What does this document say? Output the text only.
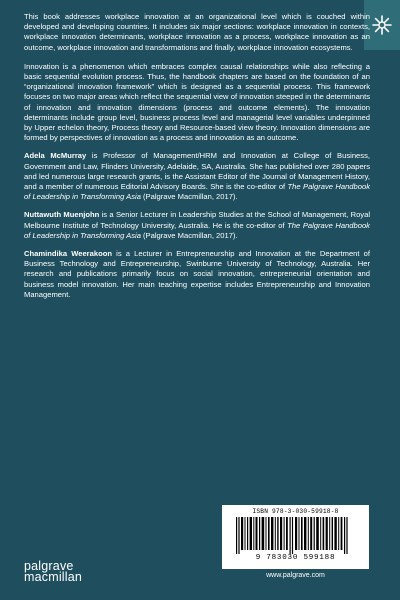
This book addresses workplace innovation at an organizational level which is couched within developed and developing countries. It includes six major sections: workplace innovation in contexts, workplace innovation determinants, workplace innovation as a process, workplace innovation as an outcome, workplace innovation and transformations and finally, workplace innovation ecosystems.

Innovation is a phenomenon which embraces complex causal relationships while also reflecting a basic sequential evolution process. Thus, the handbook chapters are based on the foundation of an “organizational innovation framework” which is designed as a sequential process. This framework focuses on two major areas which reflect the sequential view of innovation steeped in the determinants of innovation and innovation dimensions (process and outcome elements). The innovation determinants include group level, business process level and managerial level variables underpinned by Upper echelon theory, Process theory and Resource-based view theory. Innovation dimensions are formed by perspectives of innovation as a process and innovation as an outcome.

Adela McMurray is Professor of Management/HRM and Innovation at College of Business, Government and Law, Flinders University, Adelaide, SA, Australia. She has published over 280 papers and led numerous large research grants, is the Assistant Editor of the Journal of Management History, and a member of numerous Editorial Advisory Boards. She is the co-editor of The Palgrave Handbook of Leadership in Transforming Asia (Palgrave Macmillan, 2017).

Nuttawuth Muenjohn is a Senior Lecturer in Leadership Studies at the School of Management, Royal Melbourne Institute of Technology University, Australia. He is the co-editor of The Palgrave Handbook of Leadership in Transforming Asia (Palgrave Macmillan, 2017).

Chamindika Weerakoon is a Lecturer in Entrepreneurship and Innovation at the Department of Business Technology and Entrepreneurship, Swinburne University of Technology, Australia. Her research and publications primarily focus on social innovation, entrepreneurial orientation and business model innovation. Her main teaching expertise includes Entrepreneurship and Innovation Management.

ISBN 978-3-030-59918-8
9 783030 599188
www.palgrave.com
palgrave
macmillan
